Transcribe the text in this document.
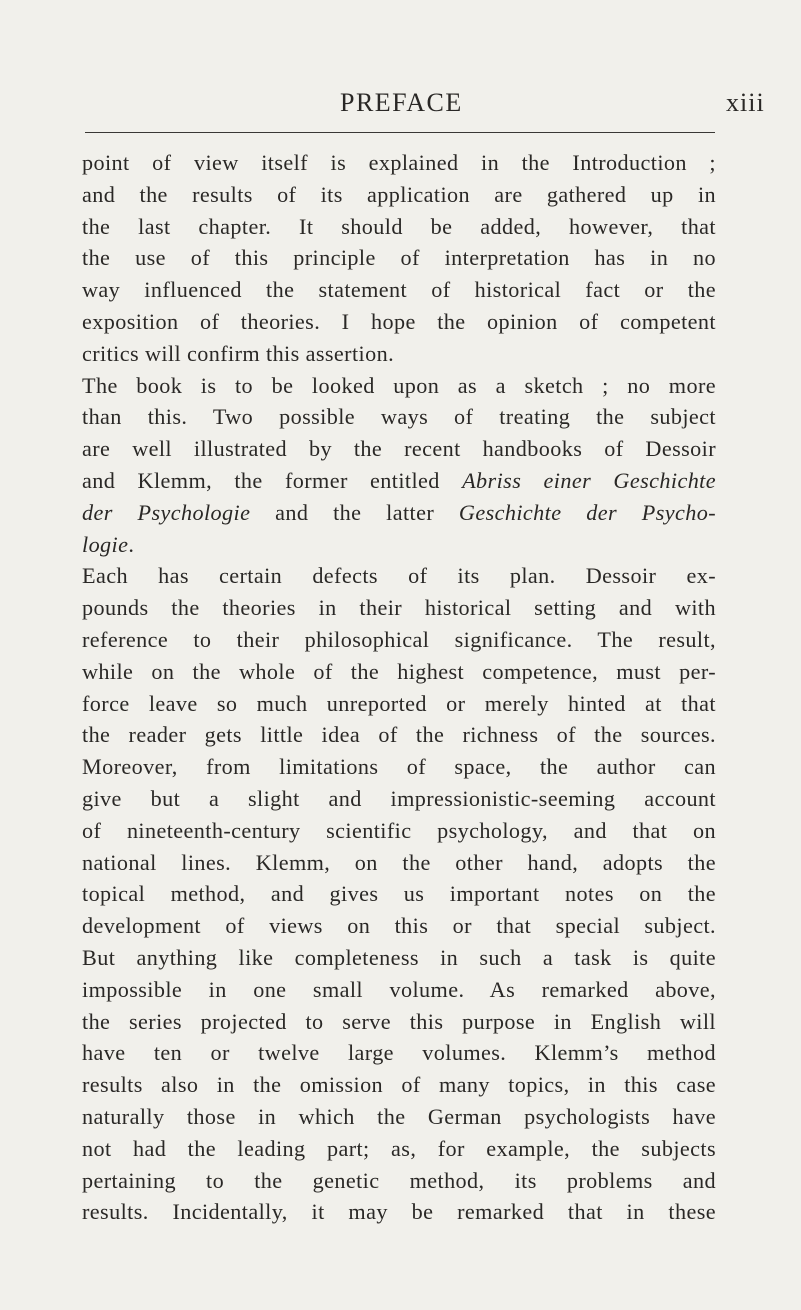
PREFACE	xiii
point of view itself is explained in the Introduction ;
and the results of its application are gathered up in
the last chapter. It should be added, however, that
the use of this principle of interpretation has in no
way influenced the statement of historical fact or the
exposition of theories. I hope the opinion of competent
critics will confirm this assertion.
The book is to be looked upon as a sketch ; no more
than this. Two possible ways of treating the subject
are well illustrated by the recent handbooks of Dessoir
and Klemm, the former entitled Abriss einer Geschichte
der Psychologie and the latter Geschichte der Psycho-
logie.
Each has certain defects of its plan. Dessoir ex-
pounds the theories in their historical setting and with
reference to their philosophical significance. The result,
while on the whole of the highest competence, must per-
force leave so much unreported or merely hinted at that
the reader gets little idea of the richness of the sources.
Moreover, from limitations of space, the author can
give but a slight and impressionistic-seeming account
of nineteenth-century scientific psychology, and that on
national lines. Klemm, on the other hand, adopts the
topical method, and gives us important notes on the
development of views on this or that special subject.
But anything like completeness in such a task is quite
impossible in one small volume. As remarked above,
the series projected to serve this purpose in English will
have ten or twelve large volumes. Klemm’s method
results also in the omission of many topics, in this case
naturally those in which the German psychologists have
not had the leading part; as, for example, the subjects
pertaining to the genetic method, its problems and
results. Incidentally, it may be remarked that in these
